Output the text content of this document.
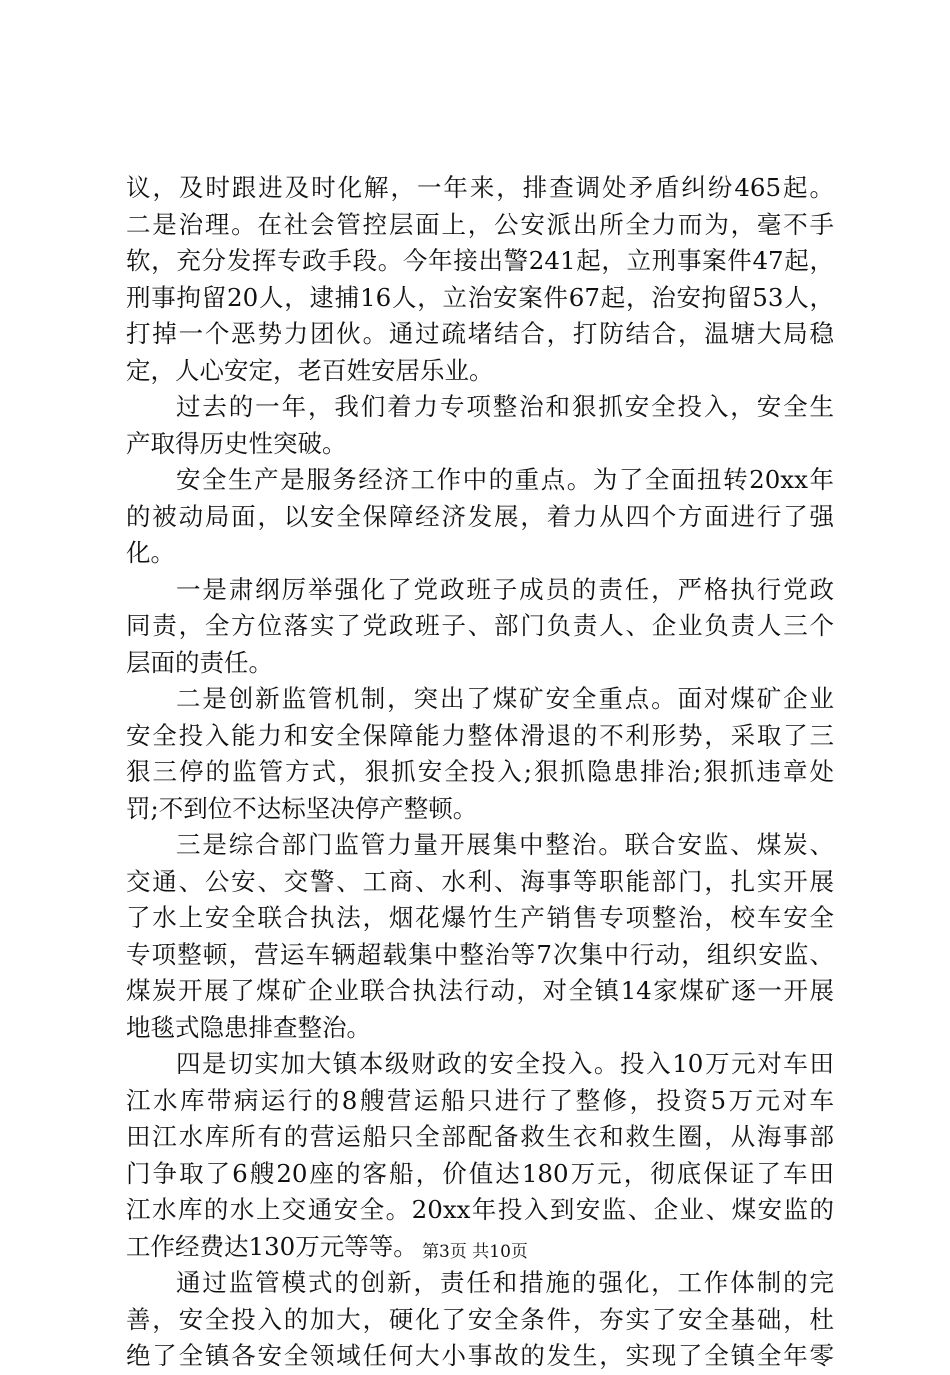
议，及时跟进及时化解，一年来，排查调处矛盾纠纷465起。
二是治理。在社会管控层面上，公安派出所全力而为，毫不手
软，充分发挥专政手段。今年接出警241起，立刑事案件47起，
刑事拘留20人，逮捕16人，立治安案件67起，治安拘留53人，
打掉一个恶势力团伙。通过疏堵结合，打防结合，温塘大局稳
定，人心安定，老百姓安居乐业。
过去的一年，我们着力专项整治和狠抓安全投入，安全生
产取得历史性突破。
安全生产是服务经济工作中的重点。为了全面扭转20xx年
的被动局面，以安全保障经济发展，着力从四个方面进行了强
化。
一是肃纲厉举强化了党政班子成员的责任，严格执行党政
同责，全方位落实了党政班子、部门负责人、企业负责人三个
层面的责任。
二是创新监管机制，突出了煤矿安全重点。面对煤矿企业
安全投入能力和安全保障能力整体滑退的不利形势，采取了三
狠三停的监管方式，狠抓安全投入;狠抓隐患排治;狠抓违章处
罚;不到位不达标坚决停产整顿。
三是综合部门监管力量开展集中整治。联合安监、煤炭、
交通、公安、交警、工商、水利、海事等职能部门，扎实开展
了水上安全联合执法，烟花爆竹生产销售专项整治，校车安全
专项整顿，营运车辆超载集中整治等7次集中行动，组织安监、
煤炭开展了煤矿企业联合执法行动，对全镇14家煤矿逐一开展
地毯式隐患排查整治。
四是切实加大镇本级财政的安全投入。投入10万元对车田
江水库带病运行的8艘营运船只进行了整修，投资5万元对车
田江水库所有的营运船只全部配备救生衣和救生圈，从海事部
门争取了6艘20座的客船，价值达180万元，彻底保证了车田
江水库的水上交通安全。20xx年投入到安监、企业、煤安监的
工作经费达130万元等等。
通过监管模式的创新，责任和措施的强化，工作体制的完
善，安全投入的加大，硬化了安全条件，夯实了安全基础，杜
绝了全镇各安全领域任何大小事故的发生，实现了全镇全年零
第3页 共10页
